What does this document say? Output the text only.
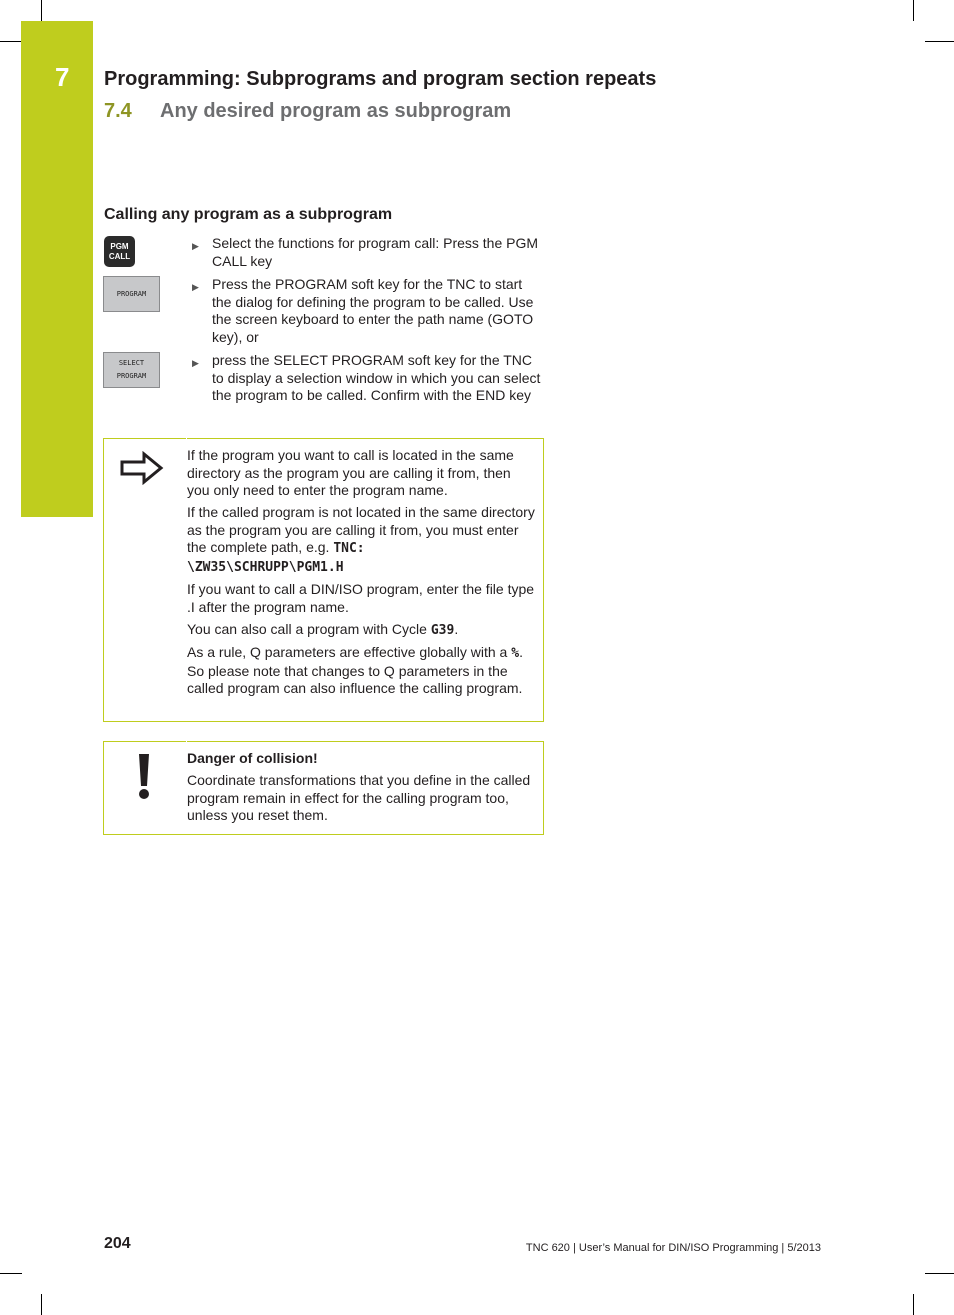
7 Programming: Subprograms and program section repeats
7.4 Any desired program as subprogram
Calling any program as a subprogram
PGM
CALL
PROGRAM
SELECT
PROGRAM
▶ Select the functions for program call: Press the PGM CALL key
▶ Press the PROGRAM soft key for the TNC to start the dialog for defining the program to be called. Use the screen keyboard to enter the path name (GOTO key), or
▶ press the SELECT PROGRAM soft key for the TNC to display a selection window in which you can select the program to be called. Confirm with the END key

If the program you want to call is located in the same directory as the program you are calling it from, then you only need to enter the program name.

If the called program is not located in the same directory as the program you are calling it from, you must enter the complete path, e.g. TNC:
\ZW35\SCHRUPP\PGM1.H

If you want to call a DIN/ISO program, enter the file type .I after the program name.

You can also call a program with Cycle G39.

As a rule, Q parameters are effective globally with a %. So please note that changes to Q parameters in the called program can also influence the calling program.

Danger of collision!

Coordinate transformations that you define in the called program remain in effect for the calling program too, unless you reset them.

204	TNC 620 | User’s Manual for DIN/ISO Programming | 5/2013
